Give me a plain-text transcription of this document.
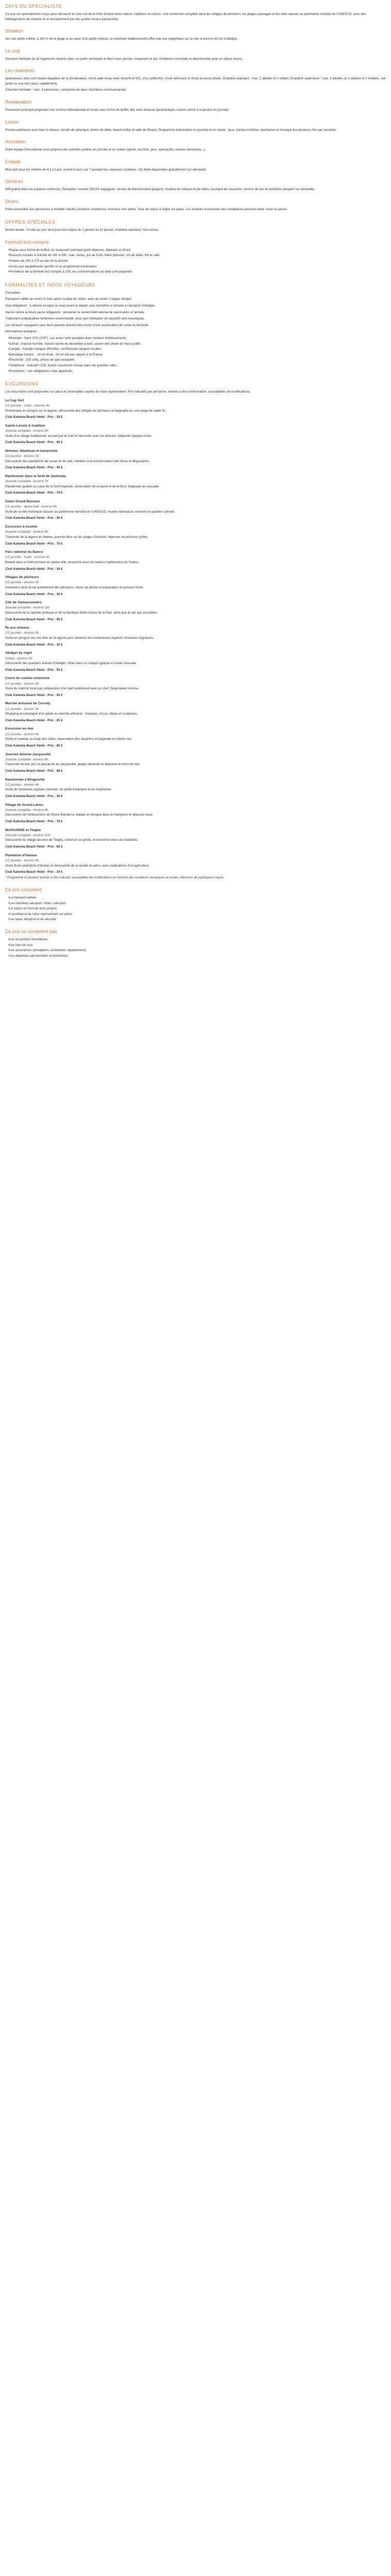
ZAYS DU SPÉCIALISTE

Ce tour est spécialement conçu pour découvrir la côte sud de la Côte d'Ivoire entre nature, traditions et culture. Une immersion complète dans les villages de pêcheurs, les plages sauvages et les sites classés au patrimoine mondial de l'UNESCO, avec des hébergements de charme et un encadrement par des guides locaux passionnés.

Situation

Sur une petite colline, à 100 m de la plage et au cœur d'un jardin tropical, ce charmant établissement offre une vue magnifique sur la mer, à environ 40 km d'Abidjan.

Le club

Structure familiale de 32 logements répartis dans un jardin verdoyant et fleuri avec piscine, restaurant et bar. Ambiance conviviale et décontractée pour un séjour réussi.

Les chambres

Spacieuses, elles sont toutes équipées de la climatisation, d'une salle d'eau avec douche et WC, d'un coffre-fort, d'une télévision et d'une terrasse privée. Chambre standard : max. 2 adultes et 1 enfant. Chambre supérieure : max. 3 adultes ou 2 adultes et 2 enfants, vue jardin ou vue mer (avec supplément).

Chambre familiale : max. 4 personnes, composée de deux chambres communicantes.

Restauration

Restaurant principal proposant une cuisine internationale et locale sous forme de buffet. Bar avec terrasse panoramique, snacks servis à la piscine en journée.

Loisirs

Piscine extérieure avec bain à remous, terrain de pétanque, tennis de table, beach-volley et salle de fitness. Programme d'animation en journée et en soirée : jeux, soirées à thème, spectacles et musique live plusieurs fois par semaine.

Animation

Notre équipe francophone vous propose des activités variées en journée et en soirée (sports, tournois, jeux, spectacles, soirées dansantes...).

Enfants

Mini-club pour les enfants de 4 à 12 ans, ouvert 6 jours sur 7 pendant les vacances scolaires. Lits bébé disponibles gratuitement sur demande.

Services

Wifi gratuit dans les espaces communs. Réception ouverte 24h/24, bagagerie, service de blanchisserie (payant), location de voitures et de vélos, boutique de souvenirs, service de taxi et transferts aéroport sur demande.

Divers

Hôtel accessible aux personnes à mobilité réduite (certaines chambres). Animaux non admis. Taxe de séjour à régler sur place. Les horaires d'ouverture des installations peuvent varier selon la saison.

OFFRES SPÉCIALES

Bonne année : 5 nuits au prix de 4 pour tout séjour du 2 janvier au 31 janvier, chambre standard, hors extras.

Formule tout compris
• Repas sous forme de buffets au restaurant principal (petit déjeuner, déjeuner et dîner)
• Boissons locales à volonté de 10h à 23h : eau, sodas, jus de fruits, bière pression, vin de table, thé et café
• Snacks de 15h à 17h au bar de la piscine
• Accès aux équipements sportifs et au programme d'animation
• Fermeture de la formule tout compris à 23h, les consommations au-delà sont payantes
FORMALITES ET INFOS VOYAGEURS

Formalités :

Passeport valide au moins 6 mois après la date de retour, avec au moins 2 pages vierges.

Visa obligatoire : à obtenir en ligne (e-visa) avant le départ, puis biométrie à l'arrivée à l'aéroport d'Abidjan.

Vaccin contre la fièvre jaune obligatoire : présenter le carnet international de vaccination à l'arrivée.

Traitement antipaludéen fortement recommandé, ainsi que l'utilisation de répulsifs anti-moustiques.

Les mineurs voyageant sans leurs parents doivent être munis d'une autorisation de sortie du territoire.

Informations pratiques :

• Monnaie : franc CFA (XOF). Les euros sont acceptés dans certains établissements.
• Climat : tropical humide. Saison sèche de décembre à avril, saison des pluies de mai à juillet.
• Langue : français (langue officielle), nombreuses langues locales.
• Décalage horaire : -1h en hiver, -2h en été par rapport à la France.
• Électricité : 220 volts, prises de type européen.
• Téléphone : indicatif +225, bonne couverture réseau dans les grandes villes.
• Pourboires : non obligatoires mais appréciés.
EXCURSIONS

Les excursions sont proposées sur place et réservables auprès de notre représentant. Prix indicatifs par personne, donnés à titre d'information, susceptibles de modifications.

Le Cap Vert

1/2 journée - matin - environ 4h

Promenade en pirogue sur la lagune, découverte des villages de pêcheurs et baignade sur une plage de sable fin.

Club Kalenka Beach Hotel - Prix : 35 €

Sainte Léonie & tradition

Journée complète - environ 8h

Visite d'un village traditionnel, accueil par le chef et rencontre avec les artisans. Déjeuner typique inclus.

Club Kalenka Beach Hotel - Prix : 65 €

Hinnoui, Ndanloan et Iomanorite

1/2 journée - environ 5h

Découverte des plantations de cacao et de café, initiation à la transformation des fèves et dégustation.

Club Kalenka Beach Hotel - Prix : 45 €

Randonnée dans la forêt de Santouka

Journée complète - environ 7h

Randonnée guidée au cœur de la forêt tropicale, observation de la faune et de la flore, baignade en cascade.

Club Kalenka Beach Hotel - Prix : 70 €

Safari Grand-Bassam

1/2 journée - après-midi - environ 4h

Visite de la ville historique classée au patrimoine mondial de l'UNESCO, musée national du costume et quartier colonial.

Club Kalenka Beach Hotel - Prix : 40 €

Excursion à Assinie

Journée complète - environ 9h

Traversée de la lagune en bateau, journée libre sur les plages d'Assinie, déjeuner de poissons grillés.

Club Kalenka Beach Hotel - Prix : 75 €

Parc national du Banco

1/2 journée - matin - environ 4h

Balade dans la forêt primaire en pleine ville, rencontre avec les laveurs traditionnels du Fanico.

Club Kalenka Beach Hotel - Prix : 38 €

Villages de pêcheurs

1/2 journée - environ 4h

Immersion dans la vie quotidienne des pêcheurs, retour de pêche et préparation du poisson fumé.

Club Kalenka Beach Hotel - Prix : 30 €

Cité de Yamoussoukro

Journée complète - environ 11h

Découverte de la capitale politique et de la basilique Notre-Dame de la Paix, ainsi que du lac aux crocodiles.

Club Kalenka Beach Hotel - Prix : 95 €

Île aux oiseaux

1/2 journée - environ 3h

Sortie en pirogue vers les îlots de la lagune pour observer les nombreuses espèces d'oiseaux migrateurs.

Club Kalenka Beach Hotel - Prix : 32 €

Abidjan by night

Soirée - environ 5h

Découverte des quartiers animés d'Abidjan, dîner dans un maquis typique et soirée musicale.

Club Kalenka Beach Hotel - Prix : 55 €

Cours de cuisine ivoirienne

1/2 journée - environ 3h

Visite du marché local puis préparation d'un plat traditionnel avec un chef. Dégustation incluse.

Club Kalenka Beach Hotel - Prix : 42 €

Marché artisanal de Cocody

1/2 journée - environ 3h

Shopping accompagné d'un guide au marché artisanal : masques, tissus, bijoux et sculptures.

Club Kalenka Beach Hotel - Prix : 25 €

Excursion en mer

1/2 journée - environ 4h

Sortie en bateau au large des côtes, observation des dauphins et baignade en pleine mer.

Club Kalenka Beach Hotel - Prix : 60 €

Journée détente Jacqueville

Journée complète - environ 8h

Traversée en bac vers la presqu'île de Jacqueville, plages désertes et déjeuner en bord de mer.

Club Kalenka Beach Hotel - Prix : 68 €

Randonnée à Bingerville

1/2 journée - environ 4h

Visite de l'ancienne capitale coloniale, du jardin botanique et de l'orphelinat.

Club Kalenka Beach Hotel - Prix : 36 €

Village de Grand-Lahou

Journée complète - environ 9h

Découverte de l'embouchure du fleuve Bandama, balade en pirogue dans la mangrove et déjeuner local.

Club Kalenka Beach Hotel - Prix : 78 €

MARSARDE et Tiegba

Journée complète - environ 10h

Découverte du village lacustre de Tiegba, construit sur pilotis, et rencontre avec ses habitants.

Club Kalenka Beach Hotel - Prix : 85 €

Plantation d'hévéas

1/2 journée - environ 4h

Visite d'une plantation d'hévéas et découverte de la récolte du latex, avec explications d'un agriculteur.

Club Kalenka Beach Hotel - Prix : 34 €

* Programme et horaires donnés à titre indicatif, susceptibles de modifications en fonction des conditions climatiques et locales. Minimum de participants requis.

Ce prix comprend
• Le transport aérien
• Les transferts aéroport / hôtel / aéroport
• Le séjour en formule tout compris
• L'assistance de notre représentant sur place
• Les taxes aéroport et de sécurité
Ce prix ne comprend pas
• Les excursions facultatives
• Les frais de visa
• Les assurances (annulation, assistance, rapatriement)
• Les dépenses personnelles et pourboires
